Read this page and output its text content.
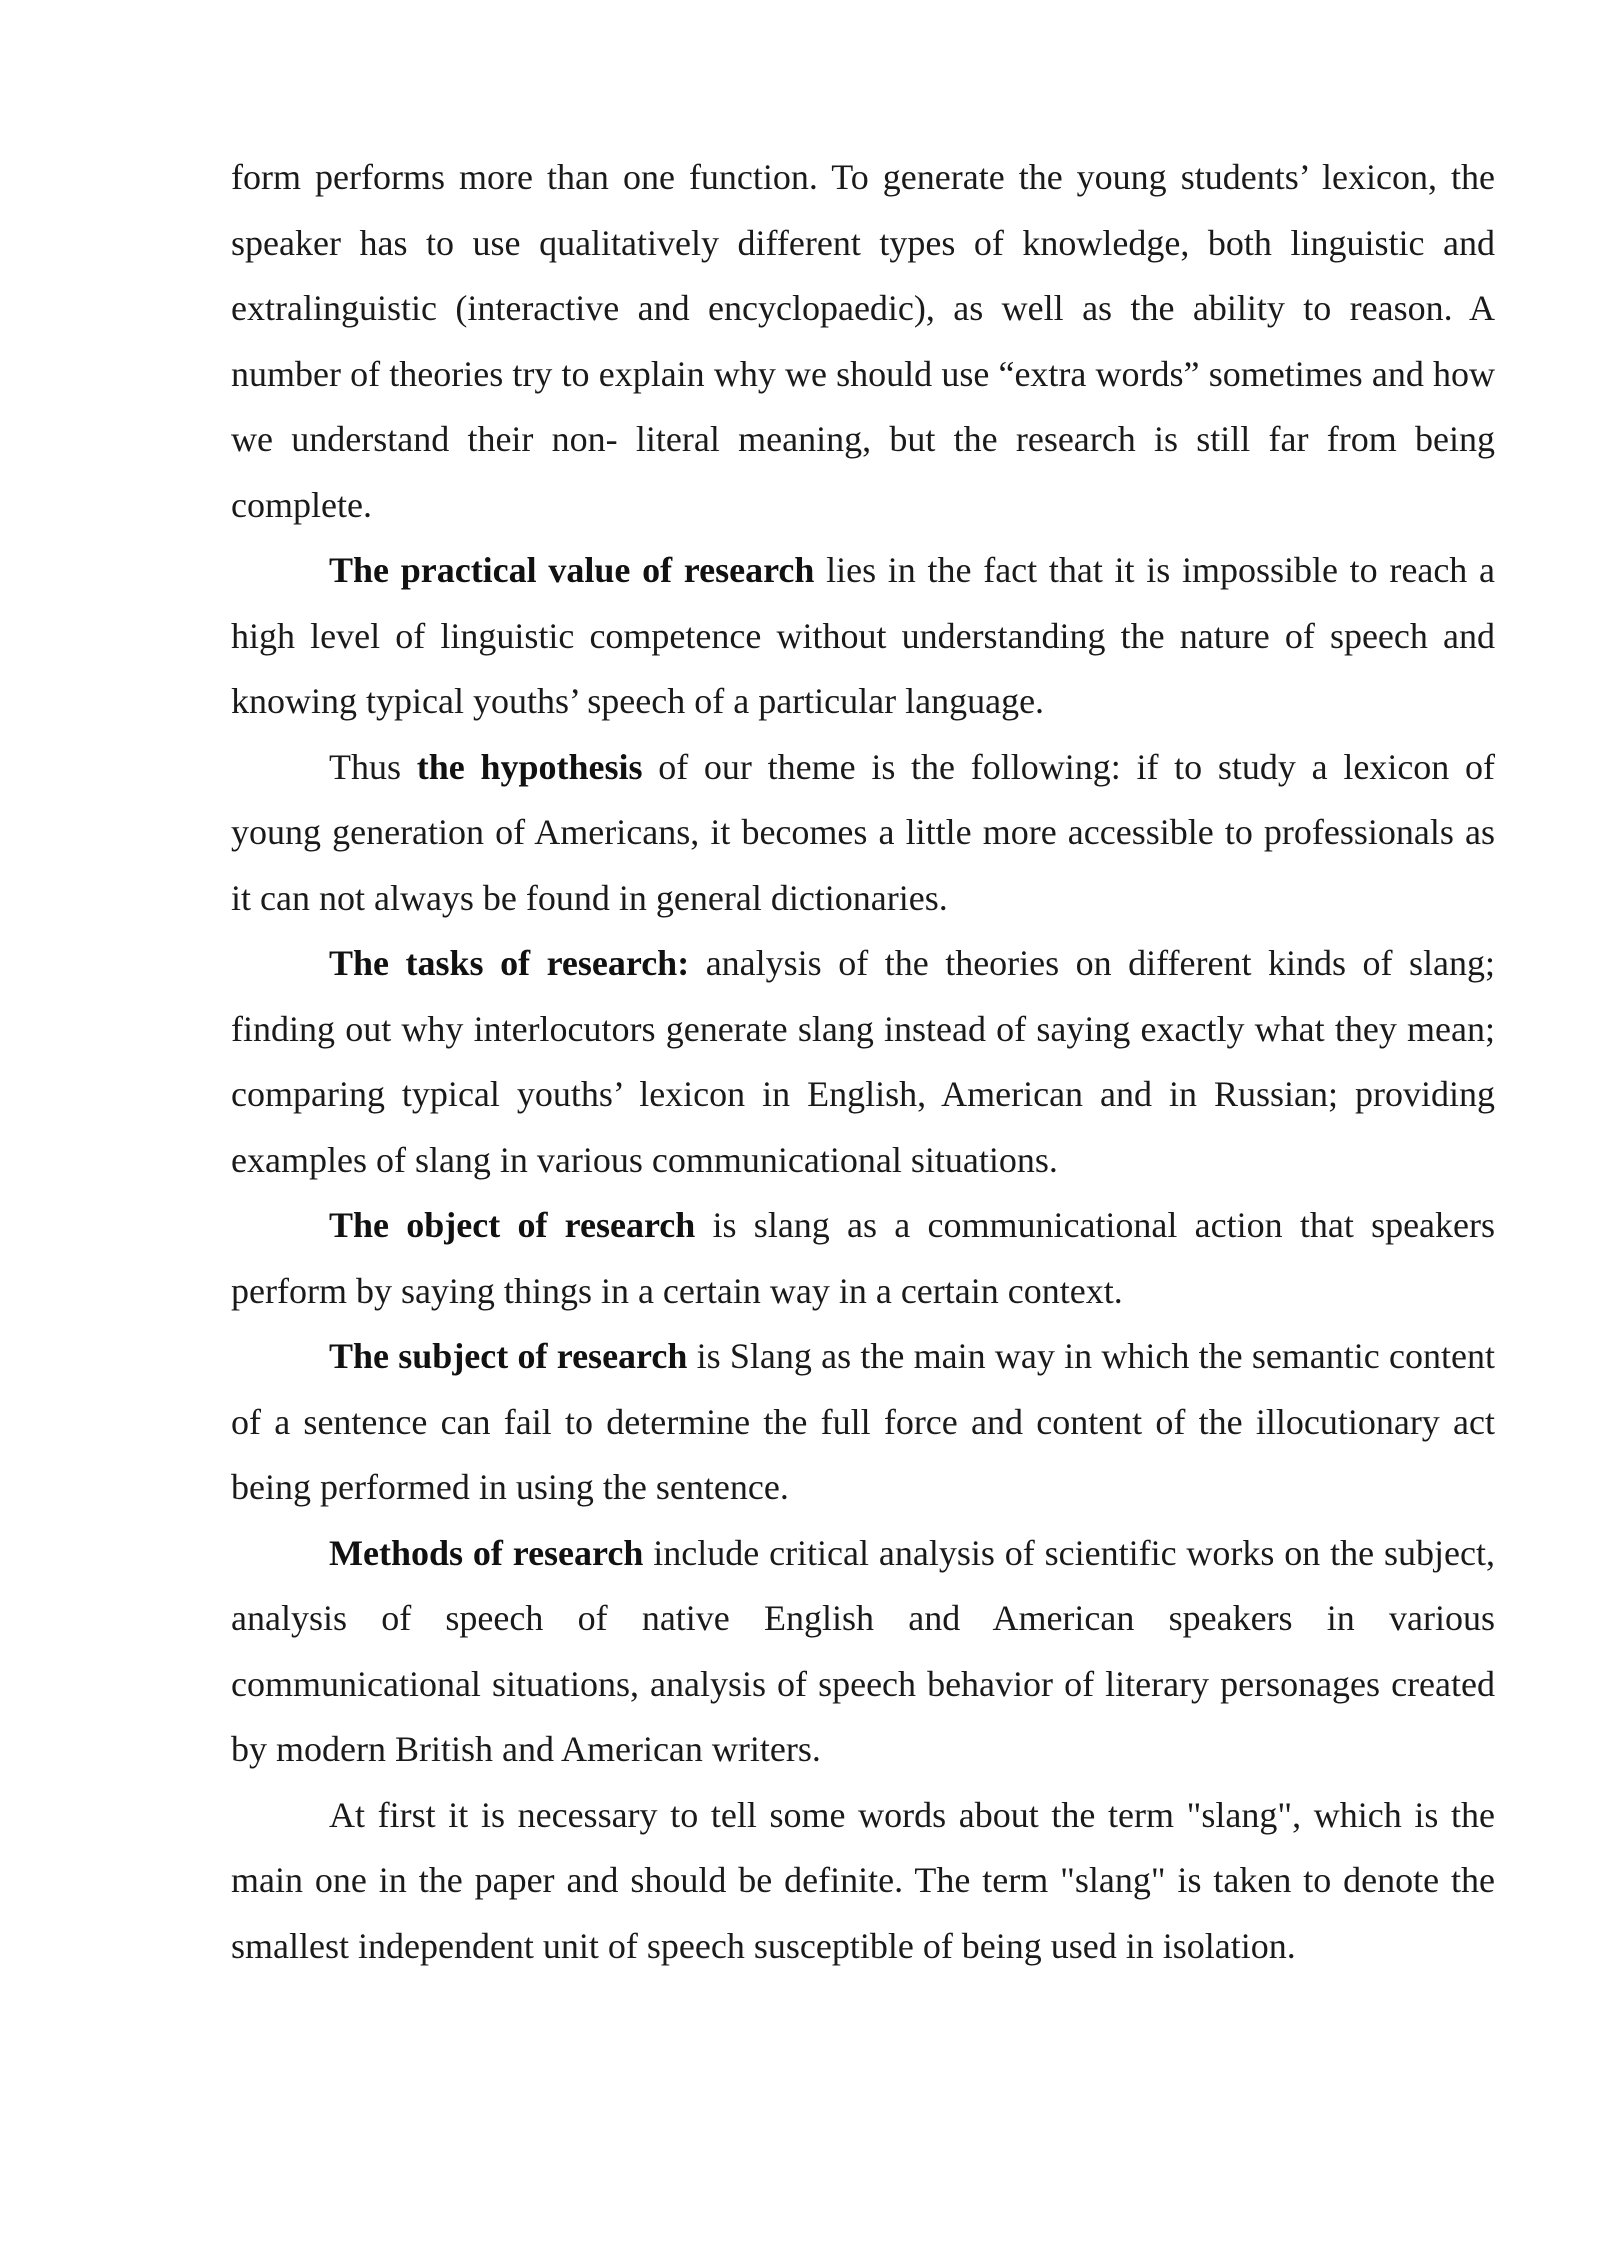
form performs more than one function. To generate the young students’ lexicon, the speaker has to use qualitatively different types of knowledge, both linguistic and extralinguistic (interactive and encyclopaedic), as well as the ability to reason. A number of theories try to explain why we should use “extra words” sometimes and how we understand their non- literal meaning, but the research is still far from being complete.

The practical value of research lies in the fact that it is impossible to reach a high level of linguistic competence without understanding the nature of speech and knowing typical youths’ speech of a particular language.

Thus the hypothesis of our theme is the following: if to study a lexicon of young generation of Americans, it becomes a little more accessible to professionals as it can not always be found in general dictionaries.

The tasks of research: analysis of the theories on different kinds of slang; finding out why interlocutors generate slang instead of saying exactly what they mean; comparing typical youths’ lexicon in English, American and in Russian; providing examples of slang in various communicational situations.

The object of research is slang as a communicational action that speakers perform by saying things in a certain way in a certain context.

The subject of research is Slang as the main way in which the semantic content of a sentence can fail to determine the full force and content of the illocutionary act being performed in using the sentence.

Methods of research include critical analysis of scientific works on the subject, analysis of speech of native English and American speakers in various communicational situations, analysis of speech behavior of literary personages created by modern British and American writers.

At first it is necessary to tell some words about the term "slang", which is the main one in the paper and should be definite. The term "slang" is taken to denote the smallest independent unit of speech susceptible of being used in isolation.
